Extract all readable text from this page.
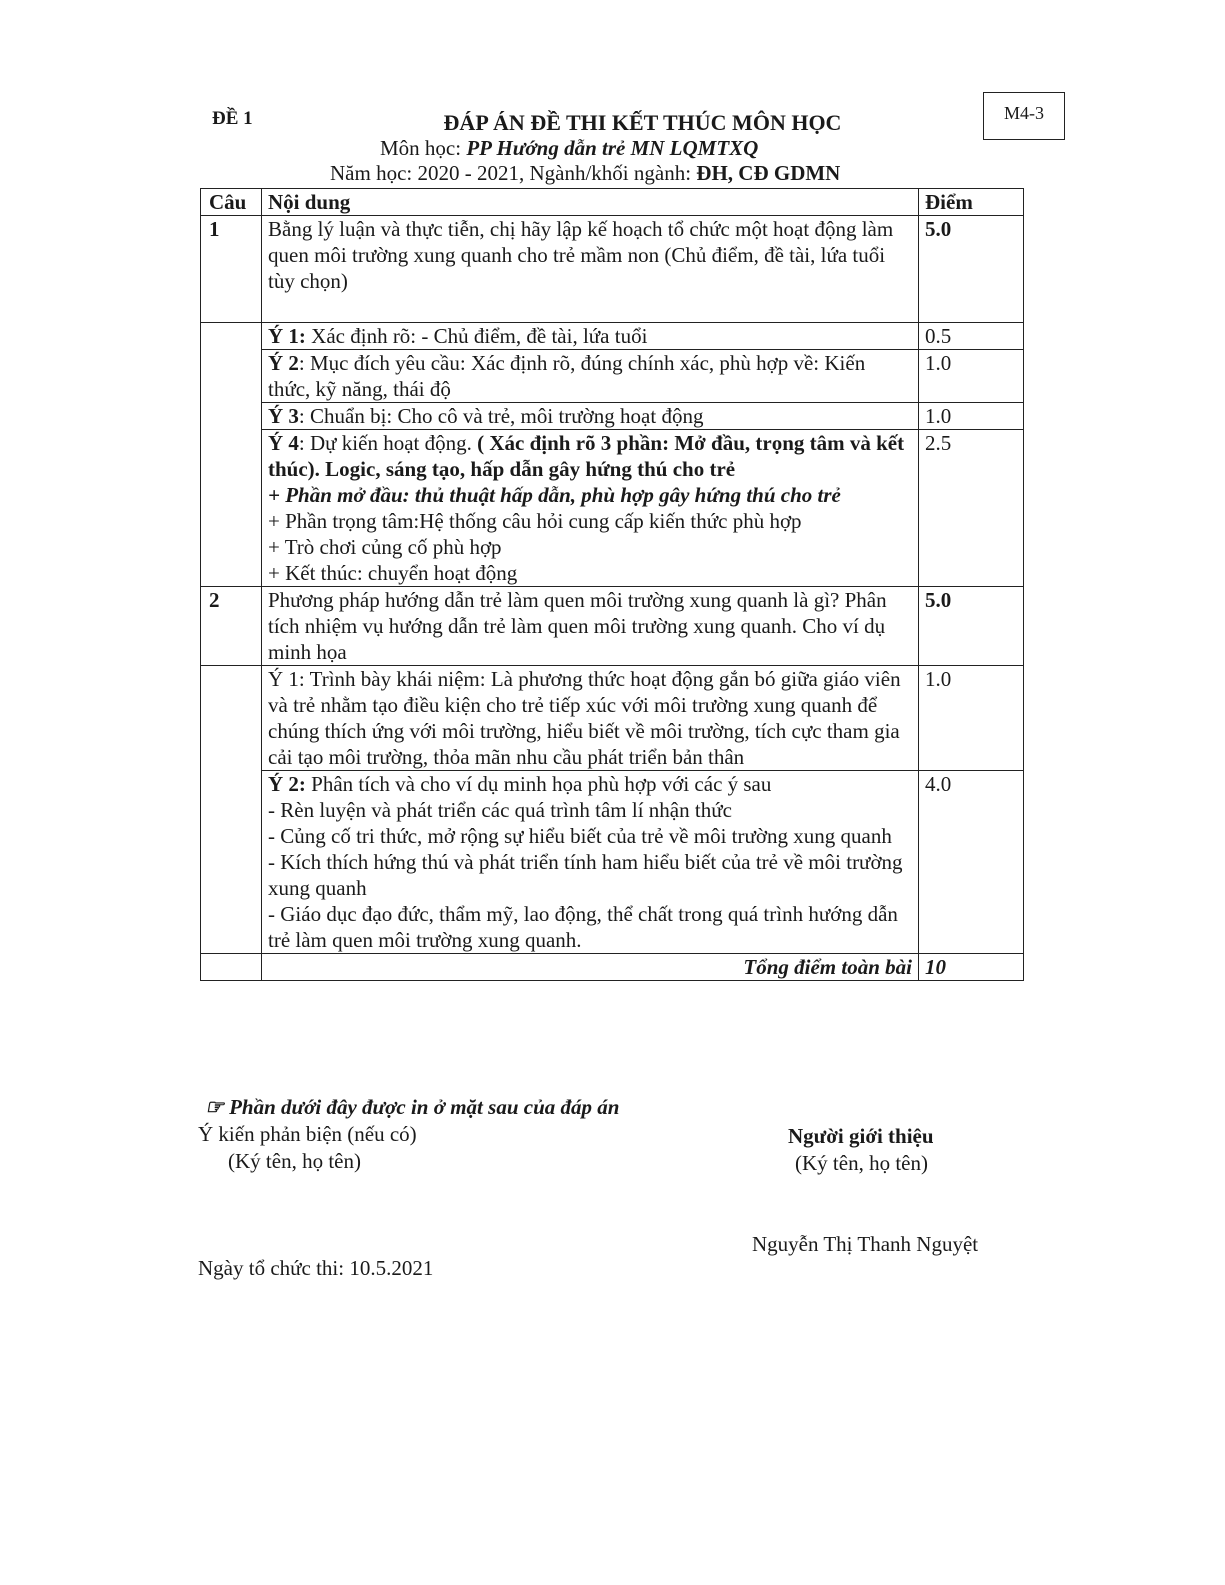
M4-3
ĐỀ 1	ĐÁP ÁN ĐỀ THI KẾT THÚC MÔN HỌC
Môn học: PP Hướng dẫn trẻ MN LQMTXQ
Năm học: 2020 - 2021, Ngành/khối ngành: ĐH, CĐ GDMN
Câu	Nội dung	Điểm
1	Bằng lý luận và thực tiễn, chị hãy lập kế hoạch tổ chức một hoạt động làm quen môi trường xung quanh cho trẻ mầm non (Chủ điểm, đề tài, lứa tuổi tùy chọn)	5.0
	Ý 1: Xác định rõ: - Chủ điểm, đề tài, lứa tuổi	0.5
	Ý 2: Mục đích yêu cầu: Xác định rõ, đúng chính xác, phù hợp về: Kiến thức, kỹ năng, thái độ	1.0
	Ý 3: Chuẩn bị: Cho cô và trẻ, môi trường hoạt động	1.0

	Ý 4: Dự kiến hoạt động. ( Xác định rõ 3 phần: Mở đầu, trọng tâm và kết thúc). Logic, sáng tạo, hấp dẫn gây hứng thú cho trẻ
+ Phần mở đầu: thủ thuật hấp dẫn, phù hợp gây hứng thú cho trẻ
+ Phần trọng tâm:Hệ thống câu hỏi cung cấp kiến thức phù hợp
+ Trò chơi củng cố phù hợp
+ Kết thúc: chuyển hoạt động	2.5
2	Phương pháp hướng dẫn trẻ làm quen môi trường xung quanh là gì? Phân tích nhiệm vụ hướng dẫn trẻ làm quen môi trường xung quanh. Cho ví dụ minh họa	5.0
	Ý 1: Trình bày khái niệm: Là phương thức hoạt động gắn bó giữa giáo viên và trẻ nhằm tạo điều kiện cho trẻ tiếp xúc với môi trường xung quanh để chúng thích ứng với môi trường, hiểu biết về môi trường, tích cực tham gia cải tạo môi trường, thỏa mãn nhu cầu phát triển bản thân	1.0

	Ý 2: Phân tích và cho ví dụ minh họa phù hợp với các ý sau
- Rèn luyện và phát triển các quá trình tâm lí nhận thức
- Củng cố tri thức, mở rộng sự hiểu biết của trẻ về môi trường xung quanh
- Kích thích hứng thú và phát triển tính ham hiểu biết của trẻ về môi trường xung quanh
- Giáo dục đạo đức, thẩm mỹ, lao động, thể chất trong quá trình hướng dẫn trẻ làm quen môi trường xung quanh.	4.0
	Tổng điểm toàn bài	10
☞ Phần dưới đây được in ở mặt sau của đáp án
Ý kiến phản biện (nếu có)
(Ký tên, họ tên)
Người giới thiệu
(Ký tên, họ tên)
Nguyễn Thị Thanh Nguyệt
Ngày tổ chức thi: 10.5.2021
